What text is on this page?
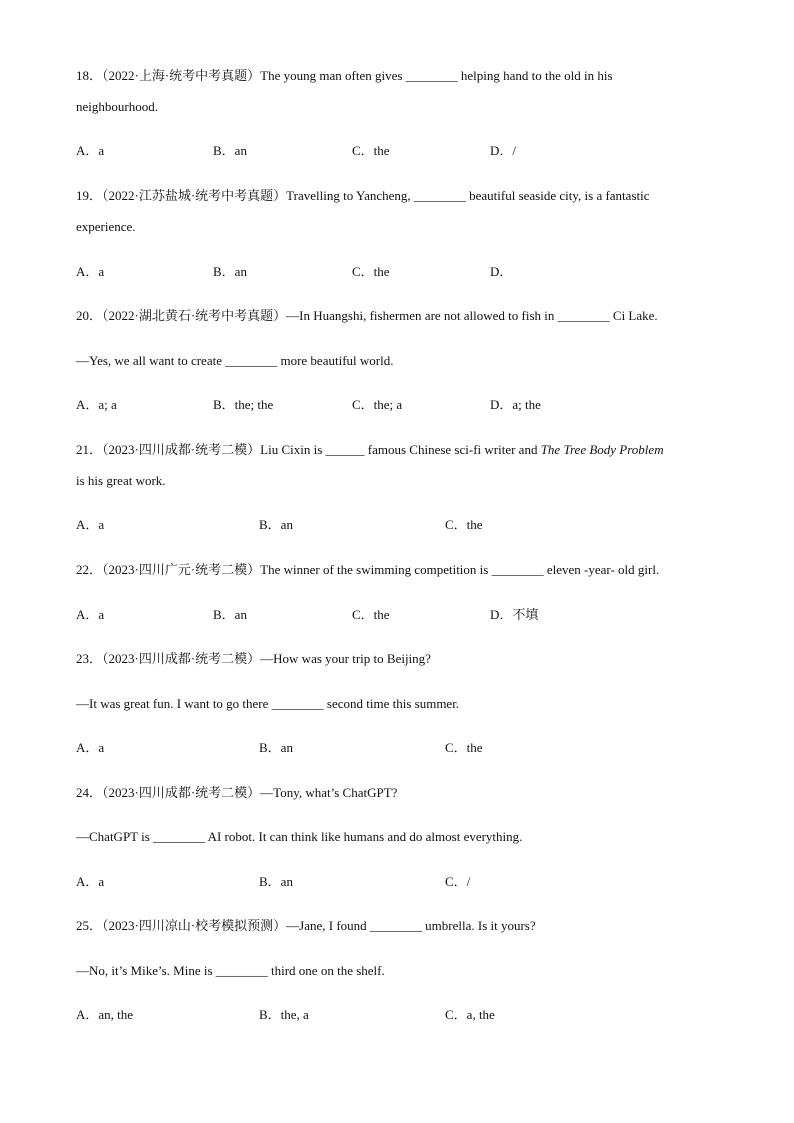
18．（2022·上海·统考中考真题）The young man often gives ________ helping hand to the old in his
neighbourhood.
A．a	B．an	C．the	D．/
19．（2022·江苏盐城·统考中考真题）Travelling to Yancheng, ________ beautiful seaside city, is a fantastic
experience.
A．a	B．an	C．the	D．
20．（2022·湖北黄石·统考中考真题）—In Huangshi, fishermen are not allowed to fish in ________ Ci Lake.
—Yes, we all want to create ________ more beautiful world.
A．a; a	B．the; the	C．the; a	D．a; the
21．（2023·四川成都·统考二模）Liu Cixin is ______ famous Chinese sci-fi writer and The Tree Body Problem
is his great work.
A．a	B．an	C．the
22．（2023·四川广元·统考二模）The winner of the swimming competition is ________ eleven -year- old girl.
A．a	B．an	C．the	D．不填
23．（2023·四川成都·统考二模）—How was your trip to Beijing?
—It was great fun. I want to go there ________ second time this summer.
A．a	B．an	C．the
24．（2023·四川成都·统考二模）—Tony, what’s ChatGPT?
—ChatGPT is ________ AI robot. It can think like humans and do almost everything.
A．a	B．an	C．/
25．（2023·四川凉山·校考模拟预测）—Jane, I found ________ umbrella. Is it yours?
—No, it’s Mike’s. Mine is ________ third one on the shelf.
A．an, the	B．the, a	C．a, the
